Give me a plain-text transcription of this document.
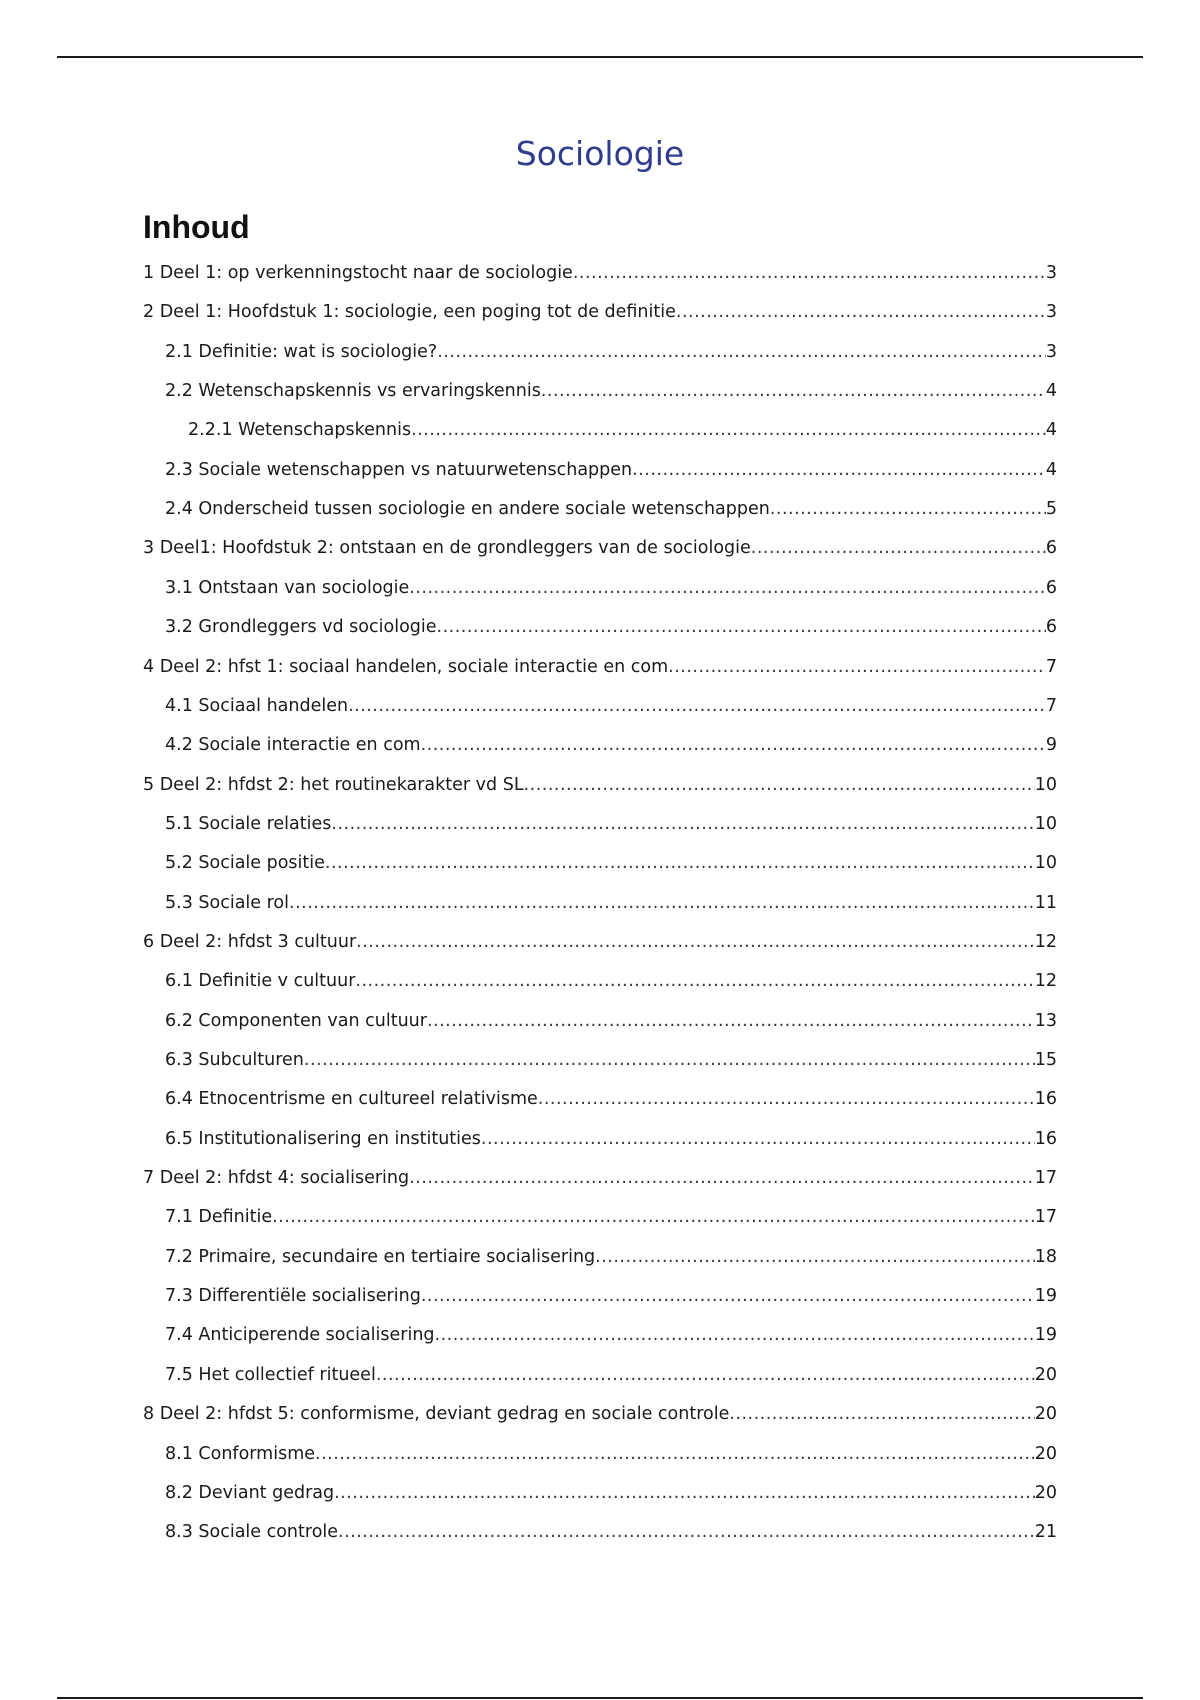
Sociologie
Inhoud
1 Deel 1: op verkenningstocht naar de sociologie .....	3
2 Deel 1: Hoofdstuk 1: sociologie, een poging tot de definitie .....	3
2.1 Definitie: wat is sociologie? .....	3
2.2 Wetenschapskennis vs ervaringskennis .....	4
2.2.1 Wetenschapskennis .....	4
2.3 Sociale wetenschappen vs natuurwetenschappen .....	4
2.4 Onderscheid tussen sociologie en andere sociale wetenschappen .....	5
3 Deel1: Hoofdstuk 2: ontstaan en de grondleggers van de sociologie .....	6
3.1 Ontstaan van sociologie .....	6
3.2 Grondleggers vd sociologie .....	6
4 Deel 2: hfst 1: sociaal handelen, sociale interactie en com .....	7
4.1 Sociaal handelen .....	7
4.2 Sociale interactie en com .....	9
5 Deel 2: hfdst 2: het routinekarakter vd SL .....	10
5.1 Sociale relaties .....	10
5.2 Sociale positie .....	10
5.3 Sociale rol .....	11
6 Deel 2: hfdst 3 cultuur .....	12
6.1 Definitie v cultuur .....	12
6.2 Componenten van cultuur .....	13
6.3 Subculturen .....	15
6.4 Etnocentrisme en cultureel relativisme .....	16
6.5 Institutionalisering en instituties .....	16
7 Deel 2: hfdst 4: socialisering .....	17
7.1 Definitie .....	17
7.2 Primaire, secundaire en tertiaire socialisering .....	18
7.3 Differentiële socialisering .....	19
7.4 Anticiperende socialisering .....	19
7.5 Het collectief ritueel .....	20
8 Deel 2: hfdst 5: conformisme, deviant gedrag en sociale controle .....	20
8.1 Conformisme .....	20
8.2 Deviant gedrag .....	20
8.3 Sociale controle .....	21
